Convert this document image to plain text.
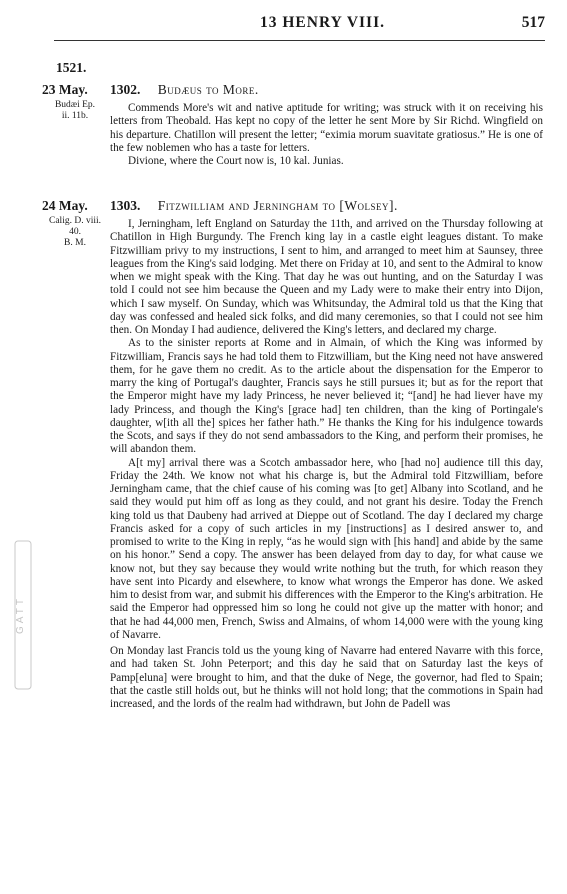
13 HENRY VIII.	517
1521.
23 May.
Budæi Ep.
ii. 11b.
1302. Budæus to More.

Commends More's wit and native aptitude for writing; was struck with it on receiving his letters from Theobald. Has kept no copy of the letter he sent More by Sir Richd. Wingfield on his departure. Chatillon will present the letter; “eximia morum suavitate gratiosus.” He is one of the few noblemen who has a taste for letters.

Divione, where the Court now is, 10 kal. Junias.

24 May.
Calig. D. viii.
40.
B. M.
1303. Fitzwilliam and Jerningham to [Wolsey].

I, Jerningham, left England on Saturday the 11th, and arrived on the Thursday following at Chatillon in High Burgundy. The French king lay in a castle eight leagues distant. To make Fitzwilliam privy to my instructions, I sent to him, and arranged to meet him at Saunsey, three leagues from the King's said lodging. Met there on Friday at 10, and sent to the Admiral to know when we might speak with the King. That day he was out hunting, and on the Saturday I was told I could not see him because the Queen and my Lady were to make their entry into Dijon, which I saw myself. On Sunday, which was Whitsunday, the Admiral told us that the King that day was confessed and healed sick folks, and did many ceremonies, so that I could not see him then. On Monday I had audience, delivered the King's letters, and declared my charge.

As to the sinister reports at Rome and in Almain, of which the King was informed by Fitzwilliam, Francis says he had told them to Fitzwilliam, but the King need not have answered them, for he gave them no credit. As to the article about the dispensation for the Emperor to marry the king of Portugal's daughter, Francis says he still pursues it; but as for the report that the Emperor might have my lady Princess, he never believed it; “[and] he had liever have my lady Princess, and though the King's [grace had] ten children, than the king of Portingale's daughter, w[ith all the] spices her father hath.” He thanks the King for his indulgence towards the Scots, and says if they do not send ambassadors to the King, and perform their promises, he will abandon them.

A[t my] arrival there was a Scotch ambassador here, who [had no] audience till this day, Friday the 24th. We know not what his charge is, but the Admiral told Fitzwilliam, before Jerningham came, that the chief cause of his coming was [to get] Albany into Scotland, and he said they would put him off as long as they could, and not grant his desire. Today the French king told us that Daubeny had arrived at Dieppe out of Scotland. The day I declared my charge Francis asked for a copy of such articles in my [instructions] as I desired answer to, and promised to write to the King in reply, “as he would sign with [his hand] and abide by the same on his honor.” Send a copy. The answer has been delayed from day to day, for what cause we know not, but they say because they would write nothing but the truth, for which reason they have sent into Picardy and elsewhere, to know what wrongs the Emperor has done. We asked him to desist from war, and submit his differences with the Emperor to the King's arbitration. He said the Emperor had oppressed him so long he could not give up the matter with honor; and that he had 44,000 men, French, Swiss and Almains, of whom 14,000 were with the young king of Navarre.

On Monday last Francis told us the young king of Navarre had entered Navarre with this force, and had taken St. John Peterport; and this day he said that on Saturday last the keys of Pamp[eluna] were brought to him, and that the duke of Nege, the governor, had fled to Spain; that the castle still holds out, but he thinks will not hold long; that the commotions in Spain had increased, and the lords of the realm had withdrawn, but John de Padell was

GATT
